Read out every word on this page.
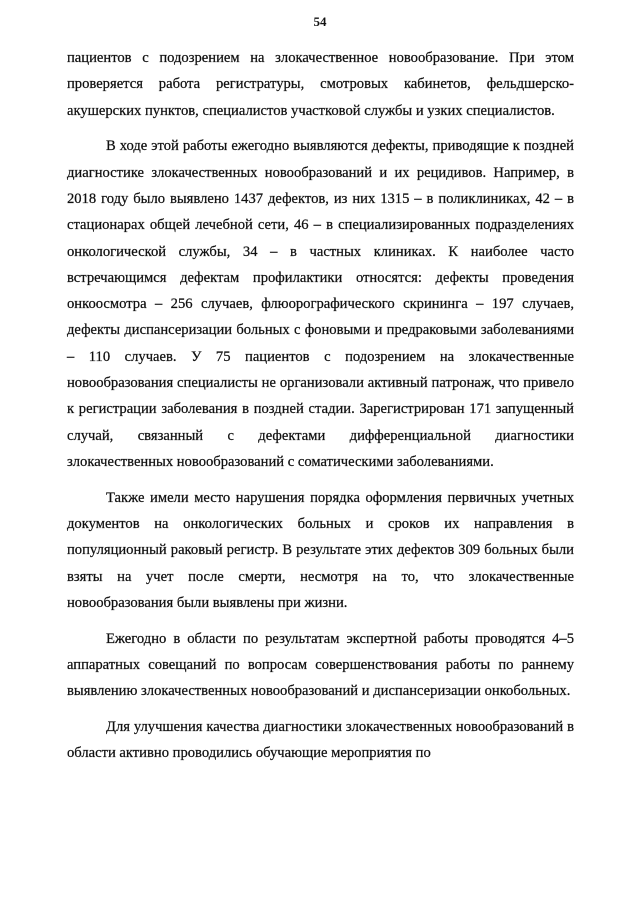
54

пациентов с подозрением на злокачественное новообразование. При этом проверяется работа регистратуры, смотровых кабинетов, фельдшерско-акушерских пунктов, специалистов участковой службы и узких специалистов.

В ходе этой работы ежегодно выявляются дефекты, приводящие к поздней диагностике злокачественных новообразований и их рецидивов. Например, в 2018 году было выявлено 1437 дефектов, из них 1315 – в поликлиниках, 42 – в стационарах общей лечебной сети, 46 – в специализированных подразделениях онкологической службы, 34 – в частных клиниках. К наиболее часто встречающимся дефектам профилактики относятся: дефекты проведения онкоосмотра – 256 случаев, флюорографического скрининга – 197 случаев, дефекты диспансеризации больных с фоновыми и предраковыми заболеваниями – 110 случаев. У 75 пациентов с подозрением на злокачественные новообразования специалисты не организовали активный патронаж, что привело к регистрации заболевания в поздней стадии. Зарегистрирован 171 запущенный случай, связанный с дефектами дифференциальной диагностики злокачественных новообразований с соматическими заболеваниями.

Также имели место нарушения порядка оформления первичных учетных документов на онкологических больных и сроков их направления в популяционный раковый регистр. В результате этих дефектов 309 больных были взяты на учет после смерти, несмотря на то, что злокачественные новообразования были выявлены при жизни.

Ежегодно в области по результатам экспертной работы проводятся 4–5 аппаратных совещаний по вопросам совершенствования работы по раннему выявлению злокачественных новообразований и диспансеризации онкобольных.

Для улучшения качества диагностики злокачественных новообразований в области активно проводились обучающие мероприятия по
